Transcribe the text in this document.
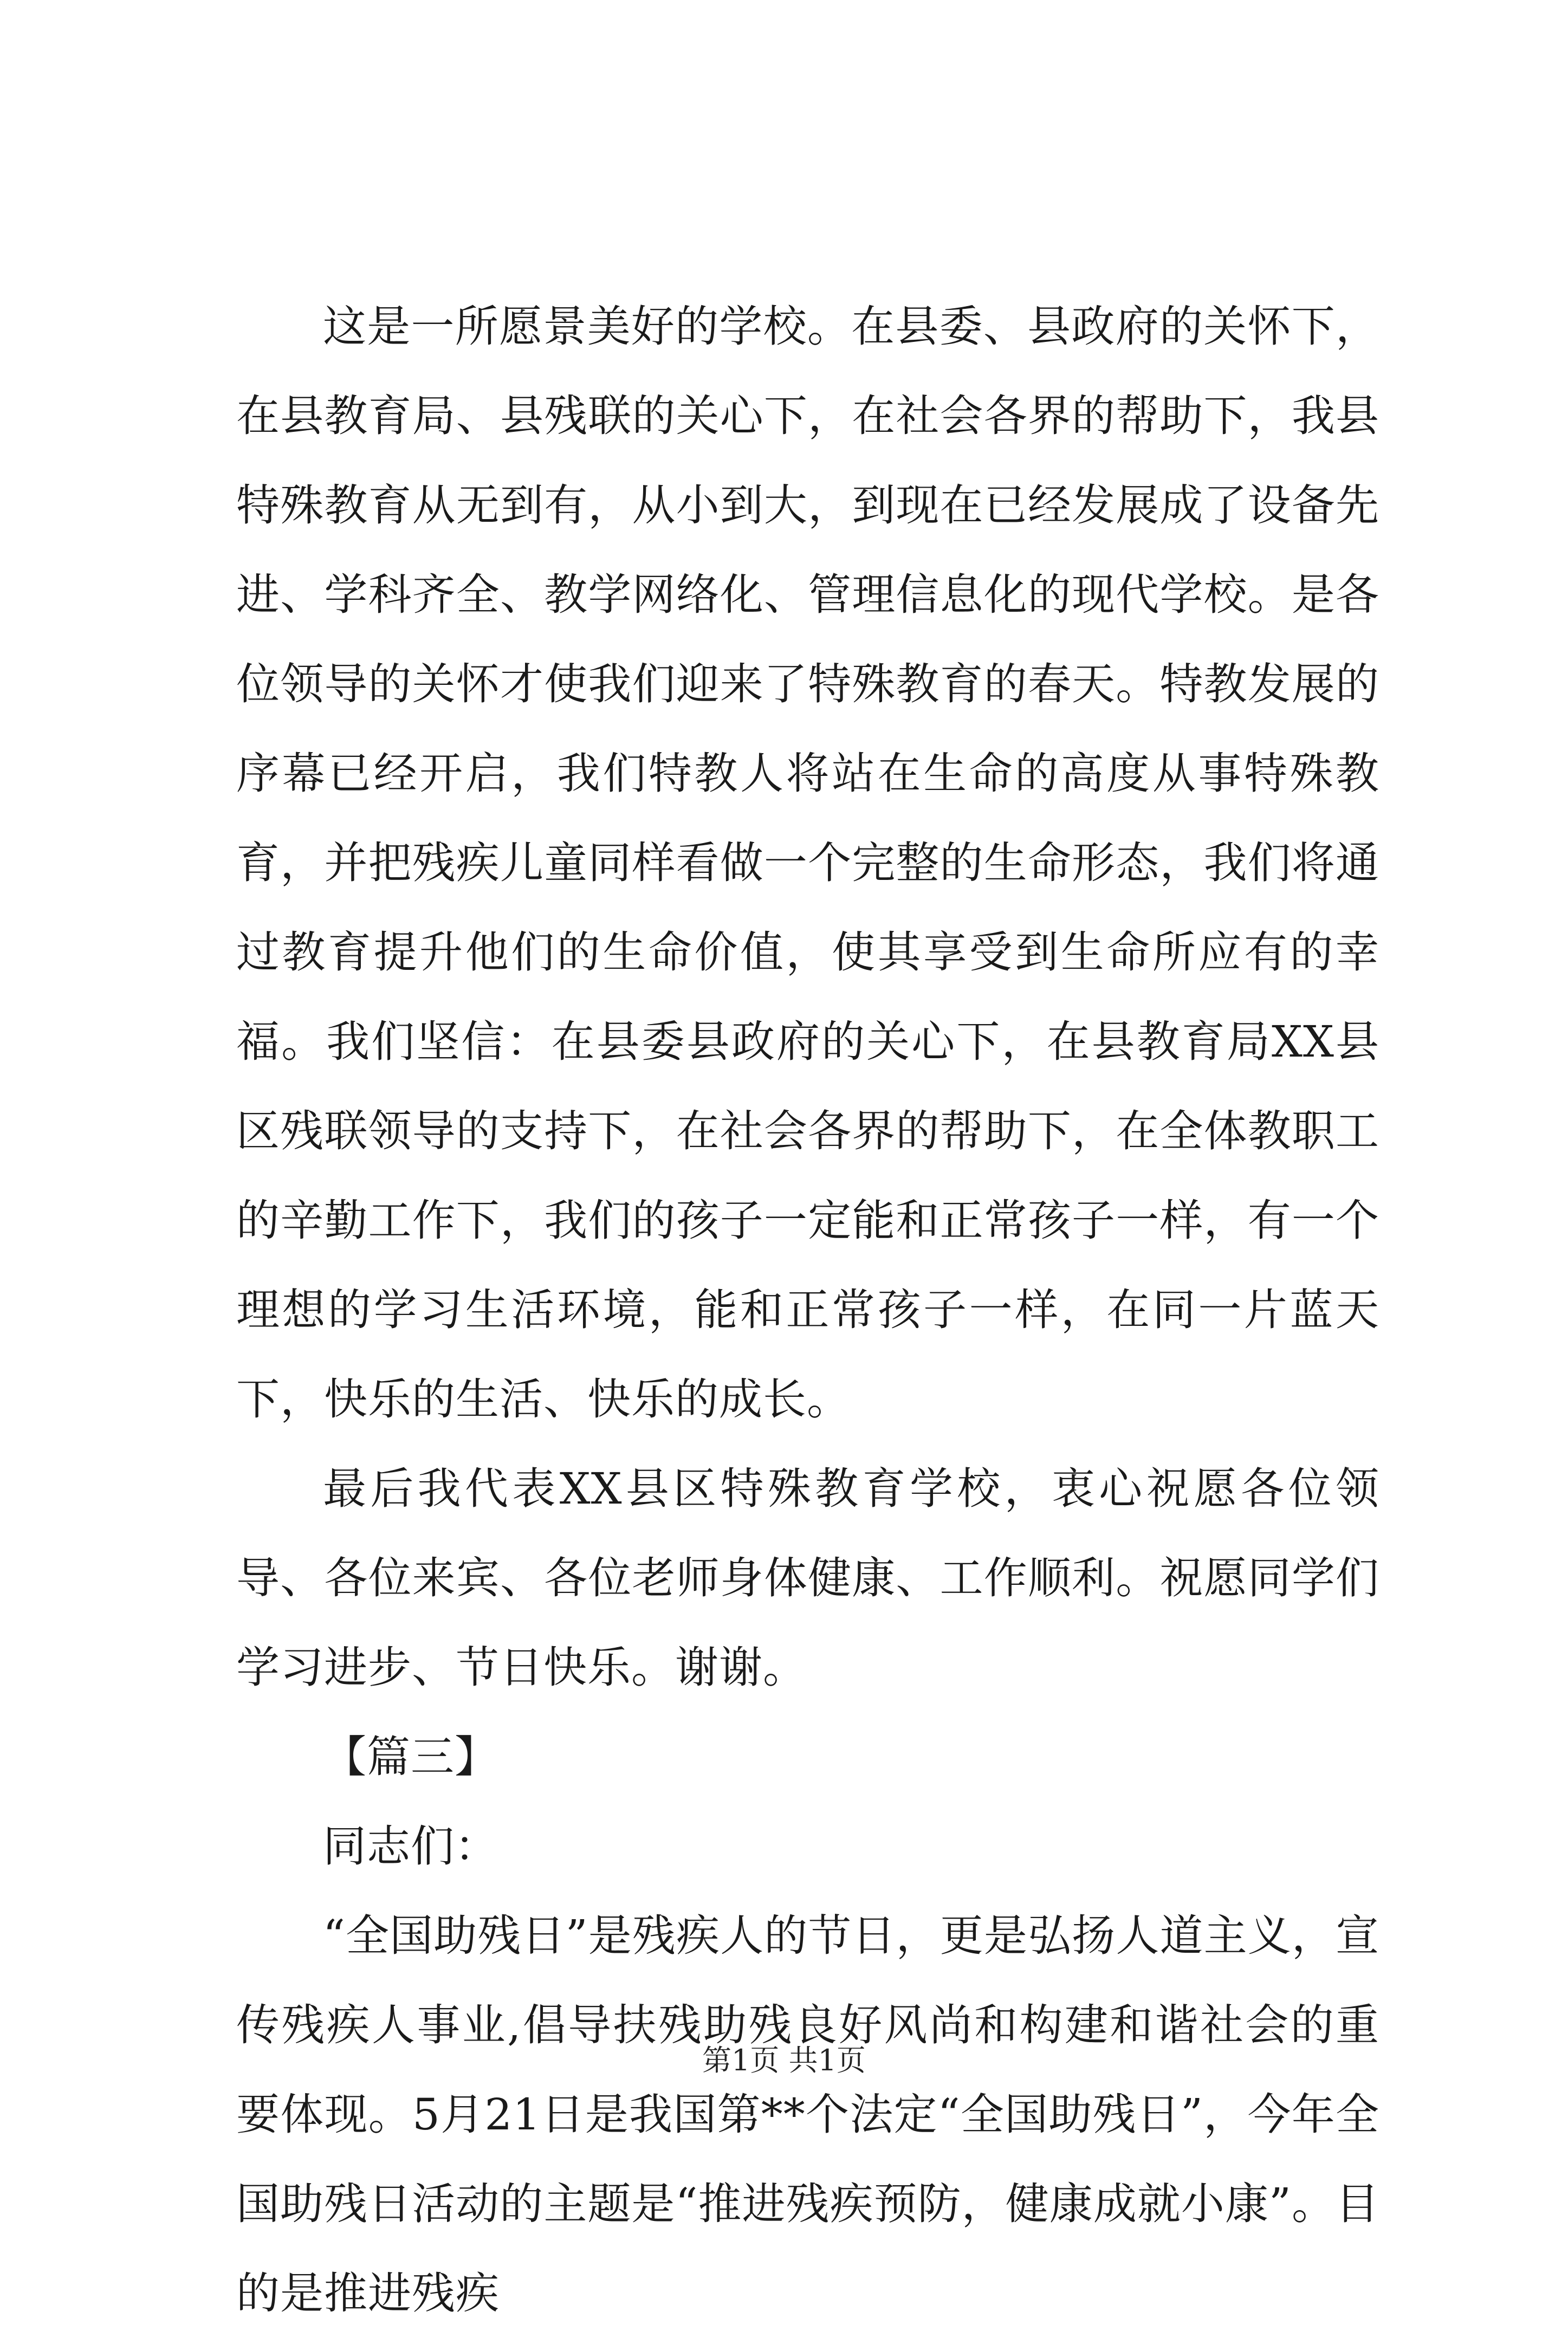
这是一所愿景美好的学校。在县委、县政府的关怀下，在县教育局、县残联的关心下，在社会各界的帮助下，我县特殊教育从无到有，从小到大，到现在已经发展成了设备先进、学科齐全、教学网络化、管理信息化的现代学校。是各位领导的关怀才使我们迎来了特殊教育的春天。特教发展的序幕已经开启，我们特教人将站在生命的高度从事特殊教育，并把残疾儿童同样看做一个完整的生命形态，我们将通过教育提升他们的生命价值，使其享受到生命所应有的幸福。我们坚信：在县委县政府的关心下，在县教育局XX县区残联领导的支持下，在社会各界的帮助下，在全体教职工的辛勤工作下，我们的孩子一定能和正常孩子一样，有一个理想的学习生活环境，能和正常孩子一样，在同一片蓝天下，快乐的生活、快乐的成长。

最后我代表XX县区特殊教育学校，衷心祝愿各位领导、各位来宾、各位老师身体健康、工作顺利。祝愿同学们学习进步、节日快乐。谢谢。

【篇三】

同志们：

“全国助残日”是残疾人的节日，更是弘扬人道主义，宣传残疾人事业,倡导扶残助残良好风尚和构建和谐社会的重要体现。5月21日是我国第**个法定“全国助残日”，今年全国助残日活动的主题是“推进残疾预防，健康成就小康”。目的是推进残疾

第1页 共1页
